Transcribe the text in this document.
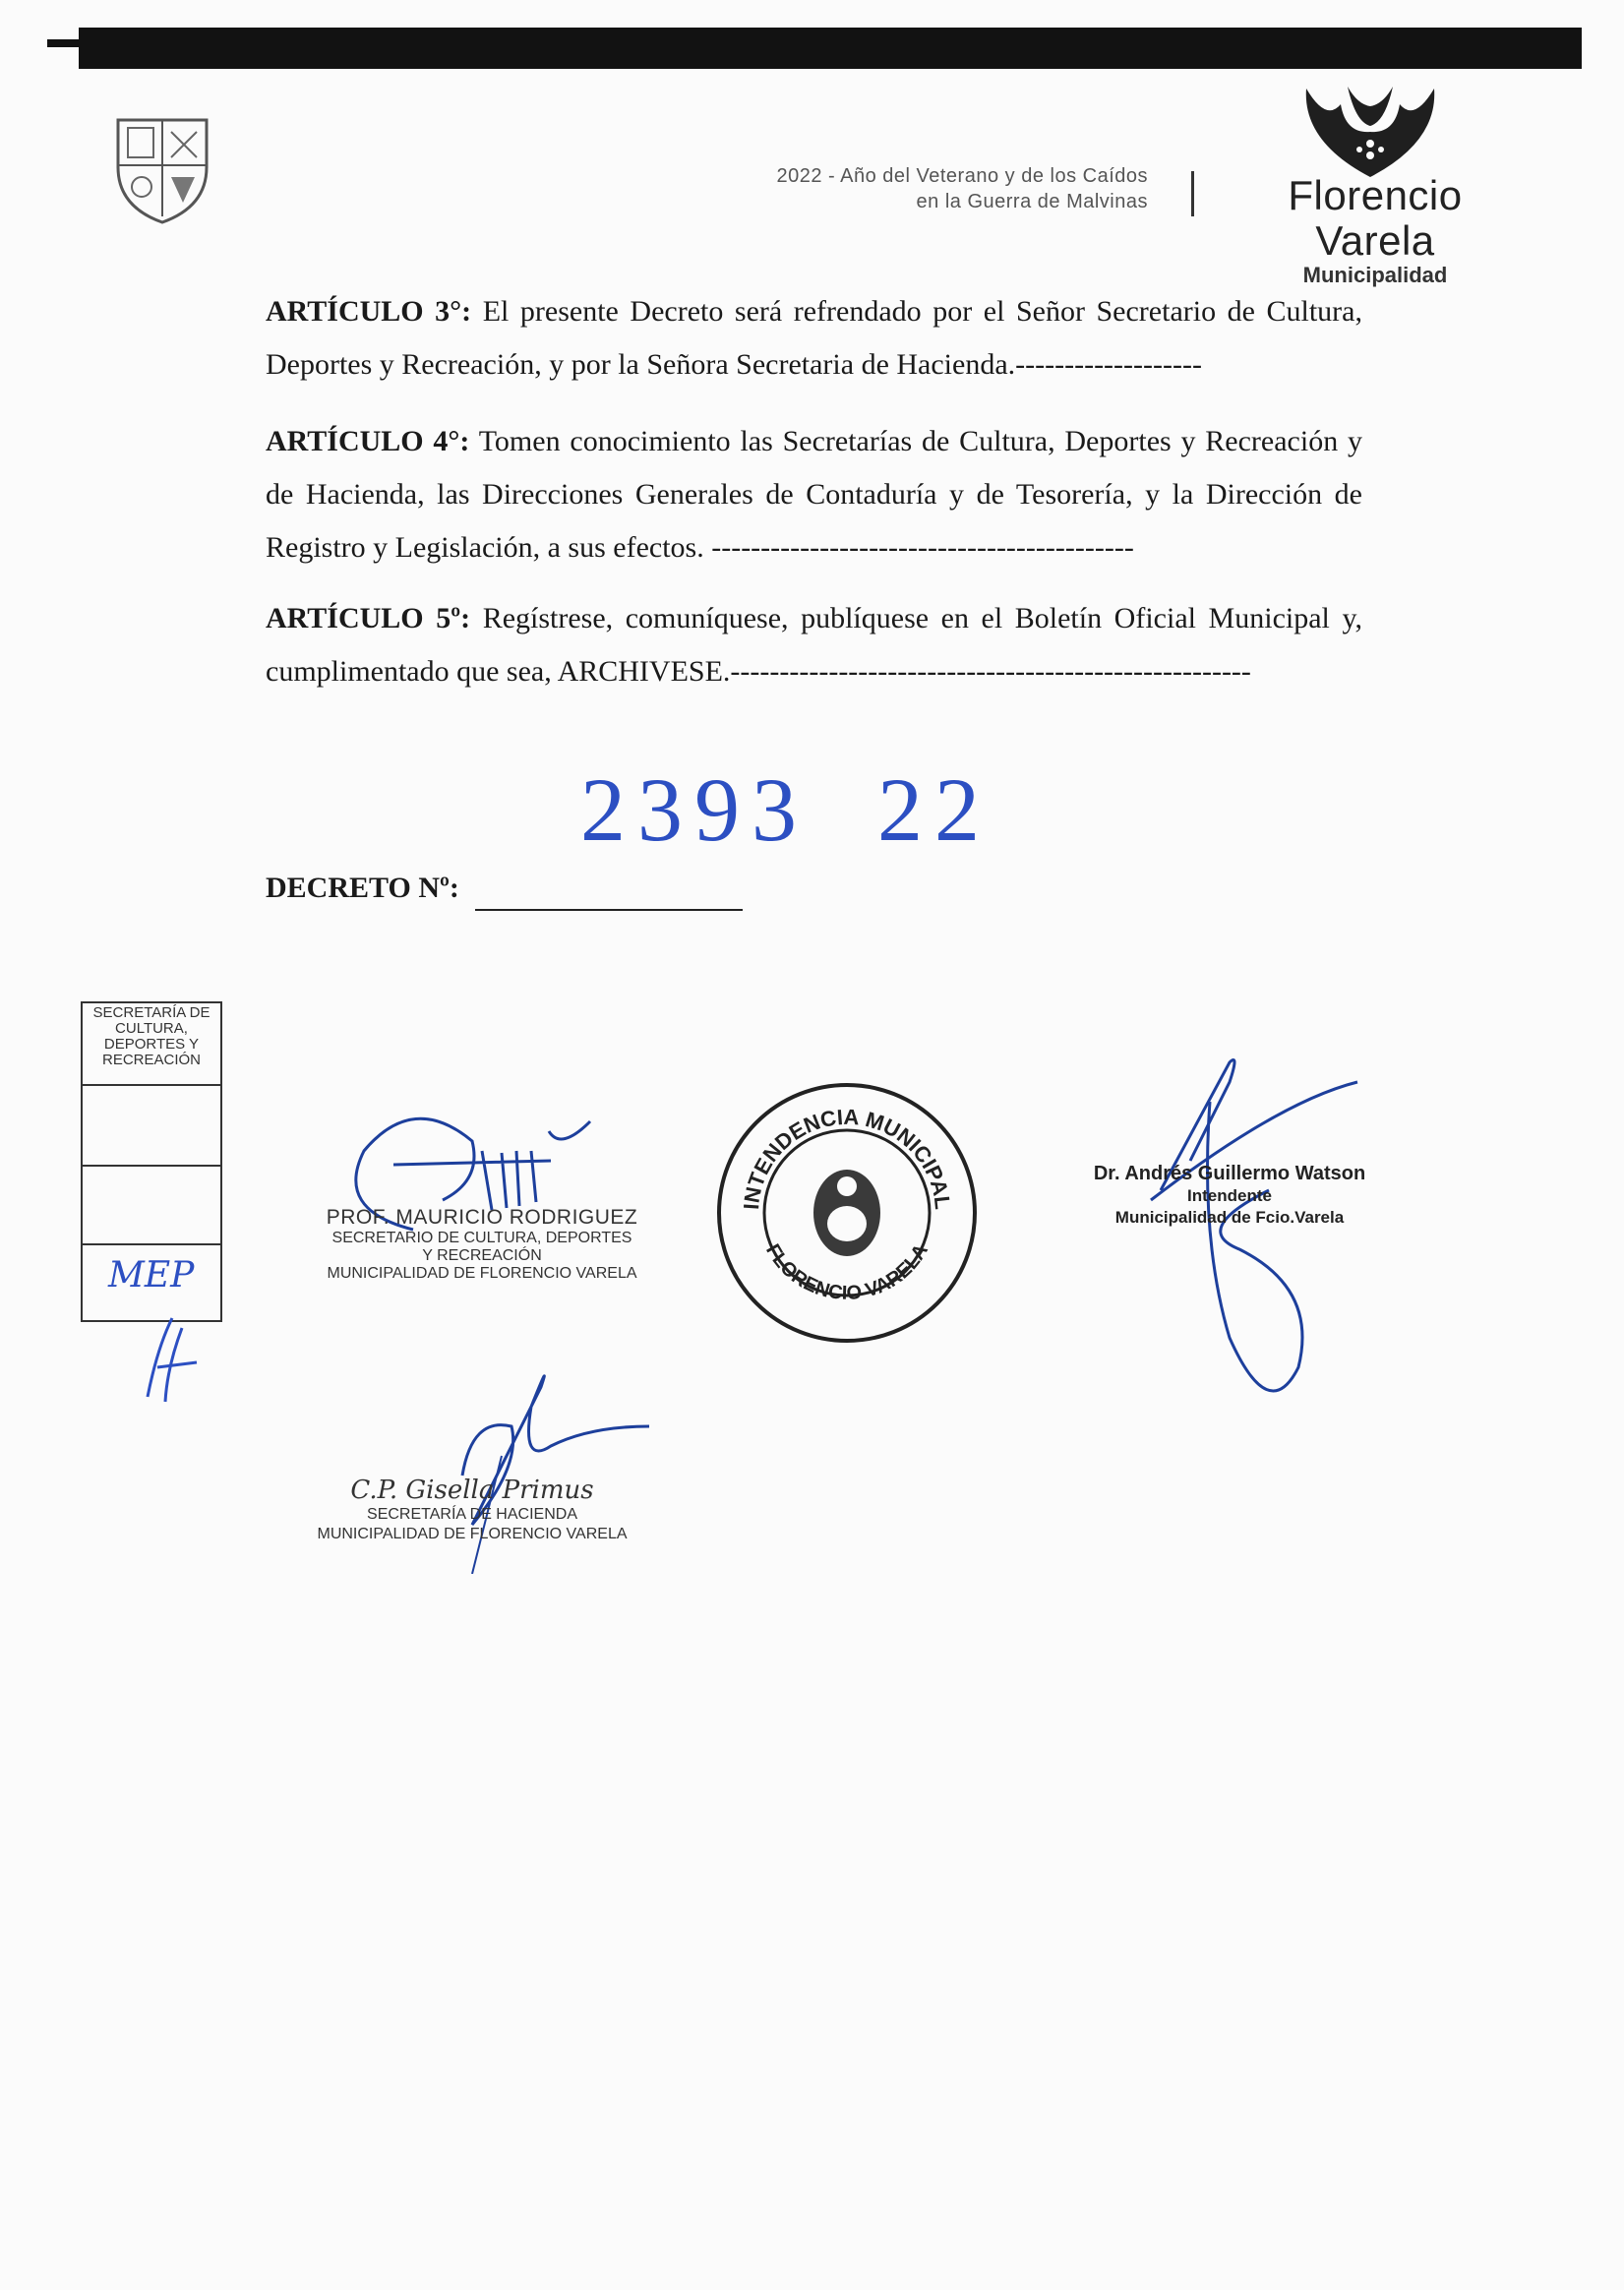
2022 - Año del Veterano y de los Caídos
en la Guerra de Malvinas	Florencio Varela
Municipalidad
ARTÍCULO 3°: El presente Decreto será refrendado por el Señor Secretario de Cultura, Deportes y Recreación, y por la Señora Secretaria de Hacienda.-------------------
ARTÍCULO 4°: Tomen conocimiento las Secretarías de Cultura, Deportes y Recreación y de Hacienda, las Direcciones Generales de Contaduría y de Tesorería, y la Dirección de Registro y Legislación, a sus efectos. -------------------------------------------
ARTÍCULO 5º: Regístrese, comuníquese, publíquese en el Boletín Oficial Municipal y, cumplimentado que sea, ARCHIVESE.-----------------------------------------------------
2393  22
DECRETO Nº:
SECRETARÍA DE CULTURA, DEPORTES Y RECREACIÓN
MEP
PROF. MAURICIO RODRIGUEZ
SECRETARIO DE CULTURA, DEPORTES
Y RECREACIÓN
MUNICIPALIDAD DE FLORENCIO VARELA
INTENDENCIA MUNICIPAL
FLORENCIO VARELA
Dr. Andrés Guillermo Watson
Intendente
Municipalidad de Fcio.Varela
C.P. Gisella Primus
SECRETARÍA DE HACIENDA
MUNICIPALIDAD DE FLORENCIO VARELA
